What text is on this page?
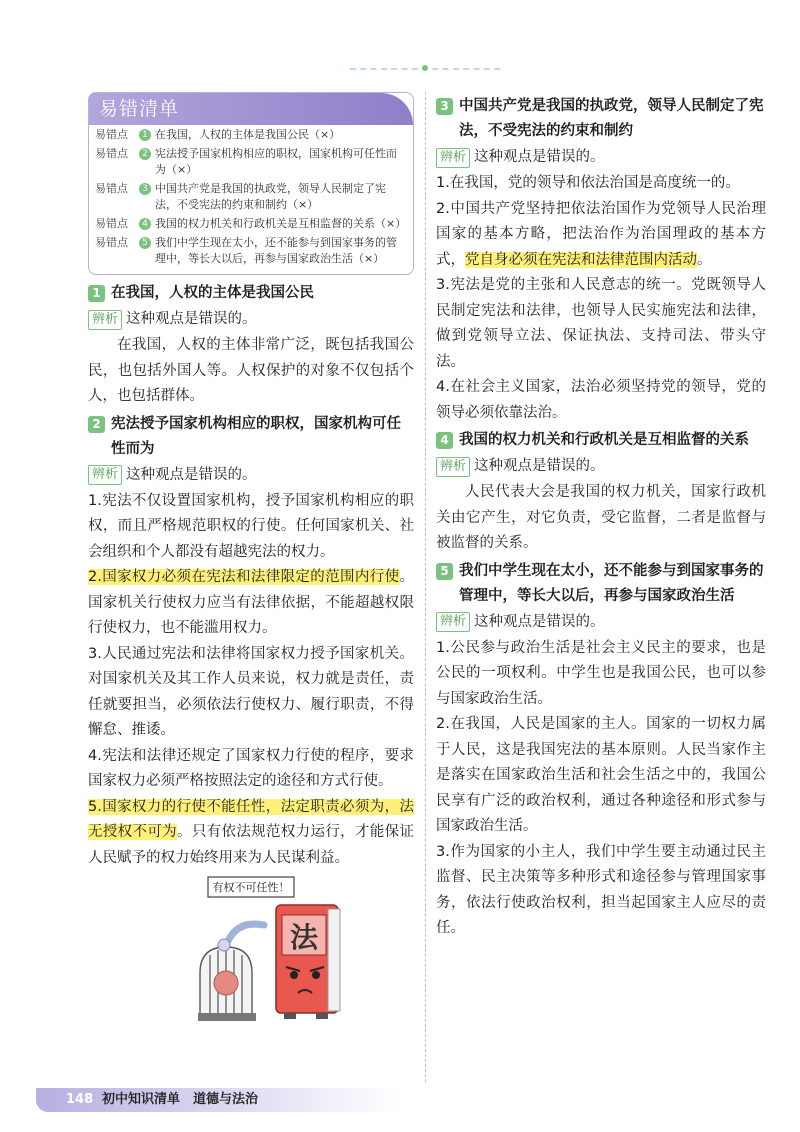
易错清单
易错点	1 在我国，人权的主体是我国公民（×）
易错点	2 宪法授予国家机构相应的职权，国家机构可任性而为（×）
易错点	3 中国共产党是我国的执政党，领导人民制定了宪法，不受宪法的约束和制约（×）
易错点	4 我国的权力机关和行政机关是互相监督的关系（×）
易错点	5 我们中学生现在太小，还不能参与到国家事务的管理中，等长大以后，再参与国家政治生活（×）
1 在我国，人权的主体是我国公民
辨析 这种观点是错误的。

在我国，人权的主体非常广泛，既包括我国公民，也包括外国人等。人权保护的对象不仅包括个人，也包括群体。

2 宪法授予国家机构相应的职权，国家机构可任性而为
辨析 这种观点是错误的。
1.宪法不仅设置国家机构，授予国家机构相应的职权，而且严格规范职权的行使。任何国家机关、社会组织和个人都没有超越宪法的权力。
2.国家权力必须在宪法和法律限定的范围内行使。国家机关行使权力应当有法律依据，不能超越权限行使权力，也不能滥用权力。
3.人民通过宪法和法律将国家权力授予国家机关。对国家机关及其工作人员来说，权力就是责任，责任就要担当，必须依法行使权力、履行职责，不得懈怠、推诿。
4.宪法和法律还规定了国家权力行使的程序，要求国家权力必须严格按照法定的途径和方式行使。
5.国家权力的行使不能任性，法定职责必须为，法无授权不可为。只有依法规范权力运行，才能保证人民赋予的权力始终用来为人民谋利益。
有权不可任性！
法
3 中国共产党是我国的执政党，领导人民制定了宪法，不受宪法的约束和制约
辨析 这种观点是错误的。
1.在我国，党的领导和依法治国是高度统一的。
2.中国共产党坚持把依法治国作为党领导人民治理国家的基本方略，把法治作为治国理政的基本方式，党自身必须在宪法和法律范围内活动。
3.宪法是党的主张和人民意志的统一。党既领导人民制定宪法和法律，也领导人民实施宪法和法律，做到党领导立法、保证执法、支持司法、带头守法。
4.在社会主义国家，法治必须坚持党的领导，党的领导必须依靠法治。
4 我国的权力机关和行政机关是互相监督的关系
辨析 这种观点是错误的。

人民代表大会是我国的权力机关，国家行政机关由它产生，对它负责，受它监督，二者是监督与被监督的关系。

5 我们中学生现在太小，还不能参与到国家事务的管理中，等长大以后，再参与国家政治生活
辨析 这种观点是错误的。
1.公民参与政治生活是社会主义民主的要求，也是公民的一项权利。中学生也是我国公民，也可以参与国家政治生活。
2.在我国，人民是国家的主人。国家的一切权力属于人民，这是我国宪法的基本原则。人民当家作主是落实在国家政治生活和社会生活之中的，我国公民享有广泛的政治权利，通过各种途径和形式参与国家政治生活。
3.作为国家的小主人，我们中学生要主动通过民主监督、民主决策等多种形式和途径参与管理国家事务，依法行使政治权利，担当起国家主人应尽的责任。
148 初中知识清单　道德与法治
